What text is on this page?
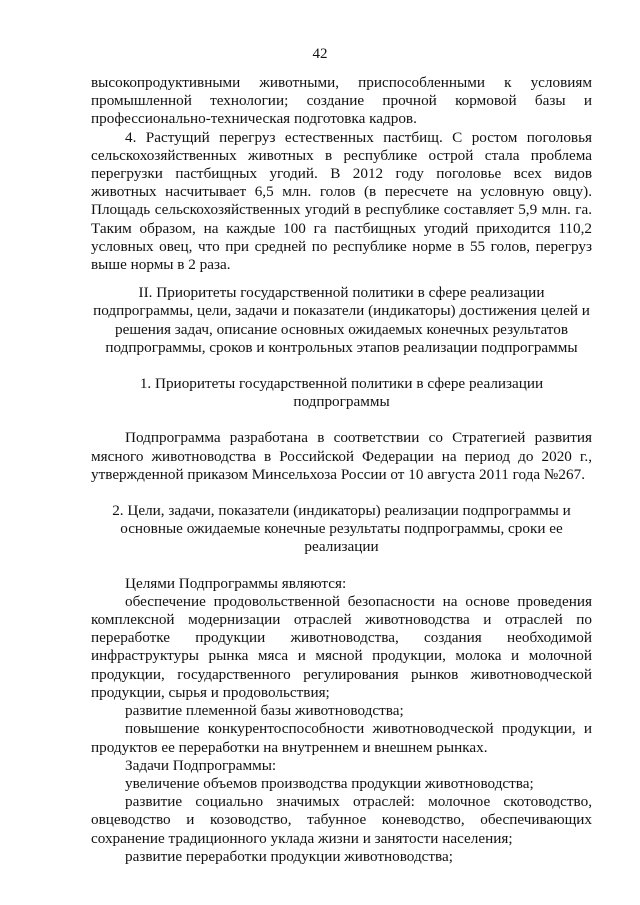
42

высокопродуктивными животными, приспособленными к условиям промышленной технологии; создание прочной кормовой базы и профессионально-техническая подготовка кадров.

4. Растущий перегруз естественных пастбищ. С ростом поголовья сельскохозяйственных животных в республике острой стала проблема перегрузки пастбищных угодий. В 2012 году поголовье всех видов животных насчитывает 6,5 млн. голов (в пересчете на условную овцу). Площадь сельскохозяйственных угодий в республике составляет 5,9 млн. га. Таким образом, на каждые 100 га пастбищных угодий приходится 110,2 условных овец, что при средней по республике норме в 55 голов, перегруз выше нормы в 2 раза.

II. Приоритеты государственной политики в сфере реализации подпрограммы, цели, задачи и показатели (индикаторы) достижения целей и решения задач, описание основных ожидаемых конечных результатов подпрограммы, сроков и контрольных этапов реализации подпрограммы

1. Приоритеты государственной политики в сфере реализации подпрограммы

Подпрограмма разработана в соответствии со Стратегией развития мясного животноводства в Российской Федерации на период до 2020 г., утвержденной приказом Минсельхоза России от 10 августа 2011 года №267.

2. Цели, задачи, показатели (индикаторы) реализации подпрограммы и основные ожидаемые конечные результаты подпрограммы, сроки ее реализации

Целями Подпрограммы являются:

обеспечение продовольственной безопасности на основе проведения комплексной модернизации отраслей животноводства и отраслей по переработке продукции животноводства, создания необходимой инфраструктуры рынка мяса и мясной продукции, молока и молочной продукции, государственного регулирования рынков животноводческой продукции, сырья и продовольствия;

развитие племенной базы животноводства;

повышение конкурентоспособности животноводческой продукции, и продуктов ее переработки на внутреннем и внешнем рынках.

Задачи Подпрограммы:

увеличение объемов производства продукции животноводства;

развитие социально значимых отраслей: молочное скотоводство, овцеводство и козоводство, табунное коневодство, обеспечивающих сохранение традиционного уклада жизни и занятости населения;

развитие переработки продукции животноводства;
